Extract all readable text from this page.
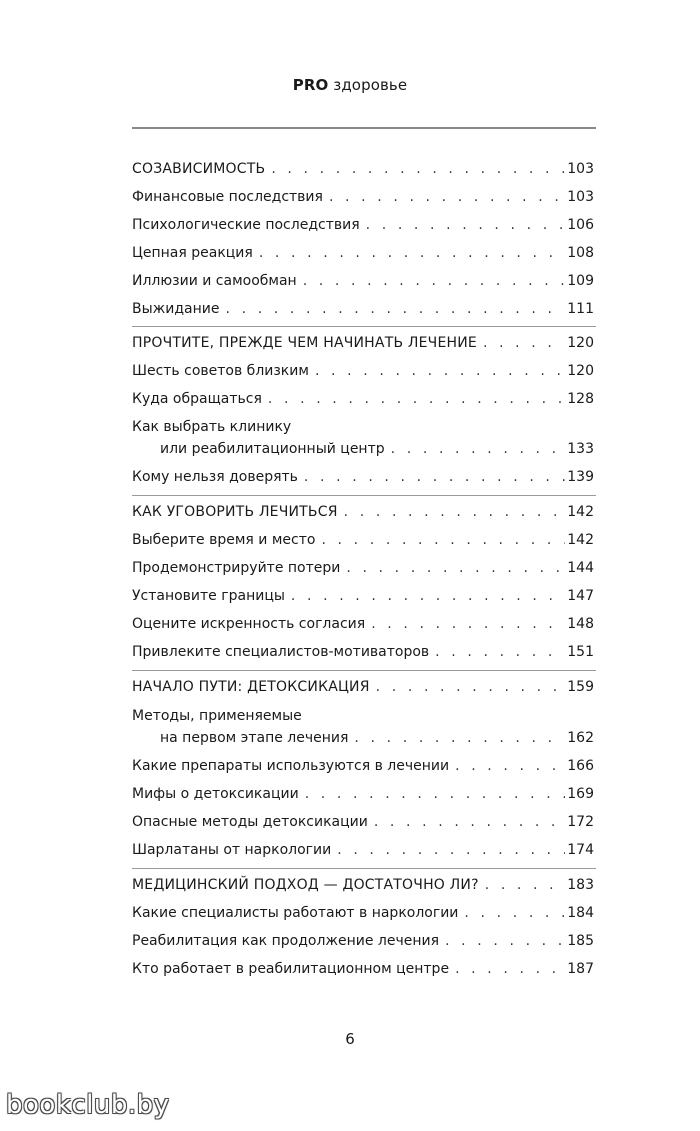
PRO здоровье
СОЗАВИСИМОСТЬ . . .	103
Финансовые последствия . . .	103
Психологические последствия . . .	106
Цепная реакция . . .	108
Иллюзии и самообман . . .	109
Выжидание . . .	111
ПРОЧТИТЕ, ПРЕЖДЕ ЧЕМ НАЧИНАТЬ ЛЕЧЕНИЕ . . .	120
Шесть советов близким . . .	120
Куда обращаться . . .	128
Как выбрать клинику
или реабилитационный центр . . .	133
Кому нельзя доверять . . .	139
КАК УГОВОРИТЬ ЛЕЧИТЬСЯ . . .	142
Выберите время и место . . .	142
Продемонстрируйте потери . . .	144
Установите границы . . .	147
Оцените искренность согласия . . .	148
Привлеките специалистов-мотиваторов . . .	151
НАЧАЛО ПУТИ: ДЕТОКСИКАЦИЯ . . .	159
Методы, применяемые
на первом этапе лечения . . .	162
Какие препараты используются в лечении . . .	166
Мифы о детоксикации . . .	169
Опасные методы детоксикации . . .	172
Шарлатаны от наркологии . . .	174
МЕДИЦИНСКИЙ ПОДХОД — ДОСТАТОЧНО ЛИ? . . .	183
Какие специалисты работают в наркологии . . .	184
Реабилитация как продолжение лечения . . .	185
Кто работает в реабилитационном центре . . .	187
6
bookclub.by
